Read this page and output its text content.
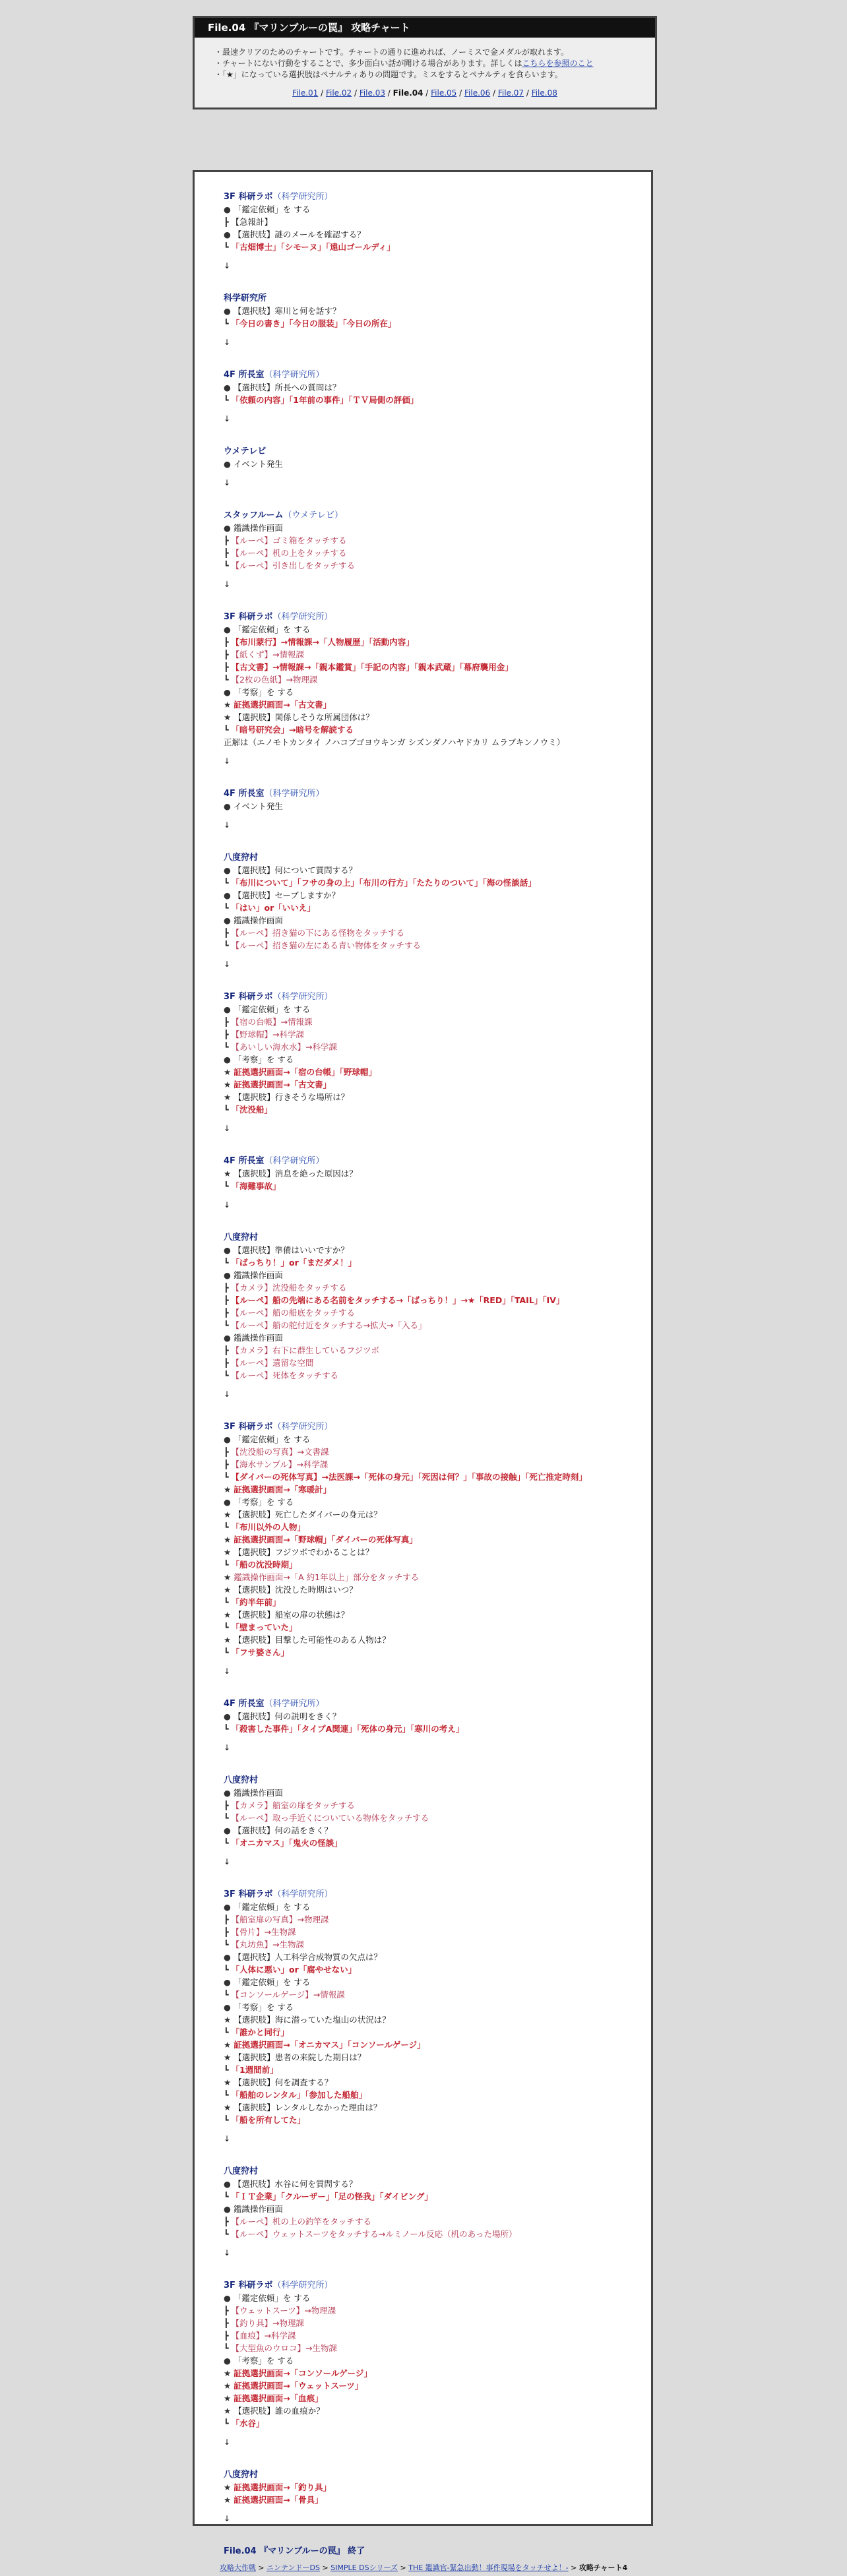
File.04 『マリンブルーの罠』 攻略チャート
・ 最速クリアのためのチャートです。チャートの通りに進めれば、ノーミスで金メダルが取れます。
・ チャートにない行動をすることで、多少面白い話が聞ける場合があります。詳しくはこちらを参照のこと
・ 「★」になっている選択肢はペナルティありの問題です。ミスをするとペナルティを食らいます。
File.01 / File.02 / File.03 / File.04 / File.05 / File.06 / File.07 / File.08
3F 科研ラボ（科学研究所）
● 「鑑定依頼」を する
┣ 【急報計】
● 【選択肢】謎のメールを確認する？
┗ 「古畑博士」「シモーヌ」「遠山ゴールディ」
↓
科学研究所
● 【選択肢】寒川と何を話す？
┗ 「今日の書き」「今日の服装」「今日の所在」
↓
4F 所長室（科学研究所）
● 【選択肢】所長への質問は？
┗ 「依頼の内容」「1年前の事件」「ＴＶ局側の評価」
↓
ウメテレビ
● イベント発生
↓
スタッフルーム（ウメテレビ）
● 鑑識操作画面
┣ 【ルーペ】ゴミ箱をタッチする
┣ 【ルーペ】机の上をタッチする
┗ 【ルーペ】引き出しをタッチする
↓
3F 科研ラボ（科学研究所）
● 「鑑定依頼」を する
┣ 【布川蒙行】→情報課→「人物履歴」「活動内容」
┣ 【紙くず】→情報課
┣ 【古文書】→情報課→「親本鑑賞」「手記の内容」「親本武蔵」「幕府襲用金」
┗ 【2枚の色紙】→物理課
● 「考察」を する
★ 証拠選択画面→「古文書」
★ 【選択肢】関係しそうな所属団体は？
┗ 「暗号研究会」→暗号を解読する
正解は（エノモトカンタイ ノハコブゴヨウキンガ シズンダノハヤドカリ ムラブキンノウミ）
↓
4F 所長室（科学研究所）
● イベント発生
↓
八度狩村
● 【選択肢】何について質問する？
┗ 「布川について」「フサの身の上」「布川の行方」「たたりのついて」「海の怪談話」
● 【選択肢】セーブしますか？
┗ 「はい」or「いいえ」
● 鑑識操作画面
┣ 【ルーペ】招き猫の下にある怪物をタッチする
┗ 【ルーペ】招き猫の左にある青い物体をタッチする
↓
3F 科研ラボ（科学研究所）
● 「鑑定依頼」を する
┣ 【宿の台帳】→情報課
┣ 【野球帽】→科学課
┗ 【あいしい海水水】→科学課
● 「考察」を する
★ 証拠選択画面→「宿の台帳」「野球帽」
★ 証拠選択画面→「古文書」
★ 【選択肢】行きそうな場所は？
┗ 「沈没船」
↓
4F 所長室（科学研究所）
★ 【選択肢】消息を絶った原因は？
┗ 「海難事故」
↓
八度狩村
● 【選択肢】準備はいいですか？
┗ 「ばっちり！」or「まだダメ！」
● 鑑識操作画面
┣ 【カメラ】沈没船をタッチする
┣ 【ルーペ】船の先端にある名前をタッチする→「ばっちり！」→★「RED」「TAIL」「IV」
┣ 【ルーペ】船の船底をタッチする
┗ 【ルーペ】船の舵付近をタッチする→拡大→「入る」
● 鑑識操作画面
┣ 【カメラ】右下に群生しているフジツボ
┣ 【ルーペ】遺留な空間
┗ 【ルーペ】死体をタッチする
↓
3F 科研ラボ（科学研究所）
● 「鑑定依頼」を する
┣ 【沈没船の写真】→文書課
┣ 【海水サンプル】→科学課
┗ 【ダイバーの死体写真】→法医課→「死体の身元」「死因は何？」「事故の接触」「死亡推定時刻」
★ 証拠選択画面→「寒暖計」
● 「考察」を する
★ 【選択肢】死亡したダイバーの身元は？
┗ 「布川以外の人物」
★ 証拠選択画面→「野球帽」「ダイバーの死体写真」
★ 【選択肢】フジツボでわかることは？
┗ 「船の沈没時期」
★ 鑑識操作画面→「A 約1年以上」部分をタッチする
★ 【選択肢】沈没した時期はいつ？
┗ 「約半年前」
★ 【選択肢】船室の扉の状態は？
┗ 「壁まっていた」
★ 【選択肢】目撃した可能性のある人物は？
┗ 「フサ婆さん」
↓
4F 所長室（科学研究所）
● 【選択肢】何の説明をきく？
┗ 「殺害した事件」「タイプA関連」「死体の身元」「寒川の考え」
↓
八度狩村
● 鑑識操作画面
┣ 【カメラ】船室の扉をタッチする
┗ 【ルーペ】取っ手近くについている物体をタッチする
● 【選択肢】何の話をきく？
┗ 「オニカマス」「鬼火の怪談」
↓
3F 科研ラボ（科学研究所）
● 「鑑定依頼」を する
┣ 【船室扉の写真】→物理課
┣ 【骨片】→生物課
┗ 【丸坊魚】→生物課
● 【選択肢】人工科学合成物質の欠点は？
┗ 「人体に悪い」or「腐やせない」
● 「鑑定依頼」を する
┗ 【コンソールゲージ】→情報課
● 「考察」を する
★ 【選択肢】海に潜っていた塩山の状況は？
┗ 「誰かと同行」
★ 証拠選択画面→「オニカマス」「コンソールゲージ」
★ 【選択肢】患者の来院した期日は？
┗ 「1週間前」
★ 【選択肢】何を調査する？
┗ 「船舶のレンタル」「参加した船舶」
★ 【選択肢】レンタルしなかった理由は？
┗ 「船を所有してた」
↓
八度狩村
● 【選択肢】水谷に何を質問する？
┗ 「ＩＴ企業」「クルーザー」「足の怪我」「ダイビング」
● 鑑識操作画面
┣ 【ルーペ】机の上の釣竿をタッチする
┗ 【ルーペ】ウェットスーツをタッチする→ルミノール反応（机のあった場所）
↓
3F 科研ラボ（科学研究所）
● 「鑑定依頼」を する
┣ 【ウェットスーツ】→物理課
┣ 【釣り具】→物理課
┣ 【血痕】→科学課
┗ 【大型魚のウロコ】→生物課
● 「考察」を する
★ 証拠選択画面→「コンソールゲージ」
★ 証拠選択画面→「ウェットスーツ」
★ 証拠選択画面→「血痕」
★ 【選択肢】誰の血痕か？
┗ 「水谷」
↓
八度狩村
★ 証拠選択画面→「釣り具」
★ 証拠選択画面→「骨具」
↓
File.04 『マリンブルーの罠』 終了
攻略大作戦 > ニンテンドーDS > SIMPLE DSシリーズ > THE 鑑識官-緊急出動！事件現場をタッチせよ！- > 攻略チャート4
